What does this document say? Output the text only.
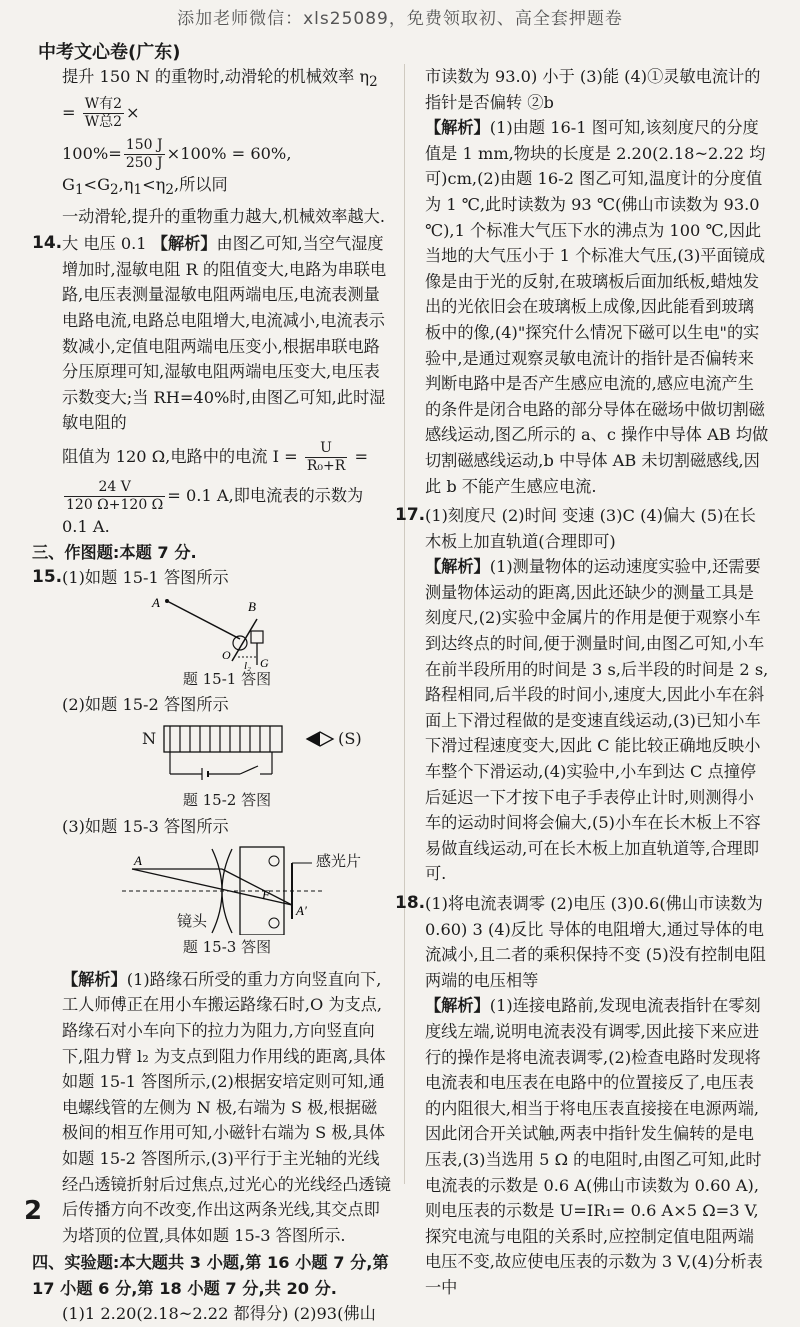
添加老师微信：xls25089，免费领取初、高全套押题卷
中考文心卷(广东)

提升 150 N 的重物时,动滑轮的机械效率 $\eta_2 = \frac{\text{W有2}}{\text{W总2}}$ ×

$100\%= \frac{150 J}{250 J} \times 100\% = 60\%$, $G_1<G_2,\eta_1<\eta_2$,所以同

一动滑轮,提升的重物重力越大,机械效率越大.

14. 大 电压 0.1 【解析】由图乙可知,当空气湿度增加时,湿敏电阻 R 的阻值变大,电路为串联电路,电压表测量湿敏电阻两端电压,电流表测量电路电流,电路总电阻增大,电流减小,电流表示数减小,定值电阻两端电压变小,根据串联电路分压原理可知,湿敏电阻两端电压变大,电压表示数变大;当 RH=40%时,由图乙可知,此时湿敏电阻的

阻值为 120 Ω,电路中的电流 $I = \frac{U}{\text{R₀+R}}$ =

$\frac{24 V}{120 \Omega+120 \Omega} = 0.1$ A,即电流表的示数为 0.1 A.

三、作图题:本题 7 分.

15. (1)如题 15-1 答图所示

A	B
G
O
l₂

题 15-1 答图

(2)如题 15-2 答图所示

N	(S)

题 15-2 答图

(3)如题 15-3 答图所示

A
F
A′
感光片
镜头

题 15-3 答图

【解析】(1)路缘石所受的重力方向竖直向下,工人师傅正在用小车搬运路缘石时,O 为支点,路缘石对小车向下的拉力为阻力,方向竖直向下,阻力臂 l₂ 为支点到阻力作用线的距离,具体如题 15-1 答图所示,(2)根据安培定则可知,通电螺线管的左侧为 N 极,右端为 S 极,根据磁极间的相互作用可知,小磁针右端为 S 极,具体如题 15-2 答图所示,(3)平行于主光轴的光线经凸透镜折射后过焦点,过光心的光线经凸透镜后传播方向不改变,作出这两条光线,其交点即为塔顶的位置,具体如题 15-3 答图所示.

四、实验题:本大题共 3 小题,第 16 小题 7 分,第 17 小题 6 分,第 18 小题 7 分,共 20 分.

(1)1 2.20(2.18~2.22 都得分) (2)93(佛山

市读数为 93.0) 小于 (3)能 (4)①灵敏电流计的指针是否偏转 ②b

【解析】(1)由题 16-1 图可知,该刻度尺的分度值是 1 mm,物块的长度是 2.20(2.18~2.22 均可)cm,(2)由题 16-2 图乙可知,温度计的分度值为 1 ℃,此时读数为 93 ℃(佛山市读数为 93.0 ℃),1 个标准大气压下水的沸点为 100 ℃,因此当地的大气压小于 1 个标准大气压,(3)平面镜成像是由于光的反射,在玻璃板后面加纸板,蜡烛发出的光依旧会在玻璃板上成像,因此能看到玻璃板中的像,(4)"探究什么情况下磁可以生电"的实验中,是通过观察灵敏电流计的指针是否偏转来判断电路中是否产生感应电流的,感应电流产生的条件是闭合电路的部分导体在磁场中做切割磁感线运动,图乙所示的 a、c 操作中导体 AB 均做切割磁感线运动,b 中导体 AB 未切割磁感线,因此 b 不能产生感应电流.

17. (1)刻度尺 (2)时间 变速 (3)C (4)偏大 (5)在长木板上加直轨道(合理即可)

【解析】(1)测量物体的运动速度实验中,还需要测量物体运动的距离,因此还缺少的测量工具是刻度尺,(2)实验中金属片的作用是便于观察小车到达终点的时间,便于测量时间,由图乙可知,小车在前半段所用的时间是 3 s,后半段的时间是 2 s,路程相同,后半段的时间小,速度大,因此小车在斜面上下滑过程做的是变速直线运动,(3)已知小车下滑过程速度变大,因此 C 能比较正确地反映小车整个下滑运动,(4)实验中,小车到达 C 点撞停后延迟一下才按下电子手表停止计时,则测得小车的运动时间将会偏大,(5)小车在长木板上不容易做直线运动,可在长木板上加直轨道等,合理即可.

18. (1)将电流表调零 (2)电压 (3)0.6(佛山市读数为 0.60) 3 (4)反比 导体的电阻增大,通过导体的电流减小,且二者的乘积保持不变 (5)没有控制电阻两端的电压相等

【解析】(1)连接电路前,发现电流表指针在零刻度线左端,说明电流表没有调零,因此接下来应进行的操作是将电流表调零,(2)检查电路时发现将电流表和电压表在电路中的位置接反了,电压表的内阻很大,相当于将电压表直接接在电源两端,因此闭合开关试触,两表中指针发生偏转的是电压表,(3)当选用 5 Ω 的电阻时,由图乙可知,此时电流表的示数是 0.6 A(佛山市读数为 0.60 A),则电压表的示数是 U=IR₁= 0.6 A×5 Ω=3 V,探究电流与电阻的关系时,应控制定值电阻两端电压不变,故应使电压表的示数为 3 V,(4)分析表一中

2
